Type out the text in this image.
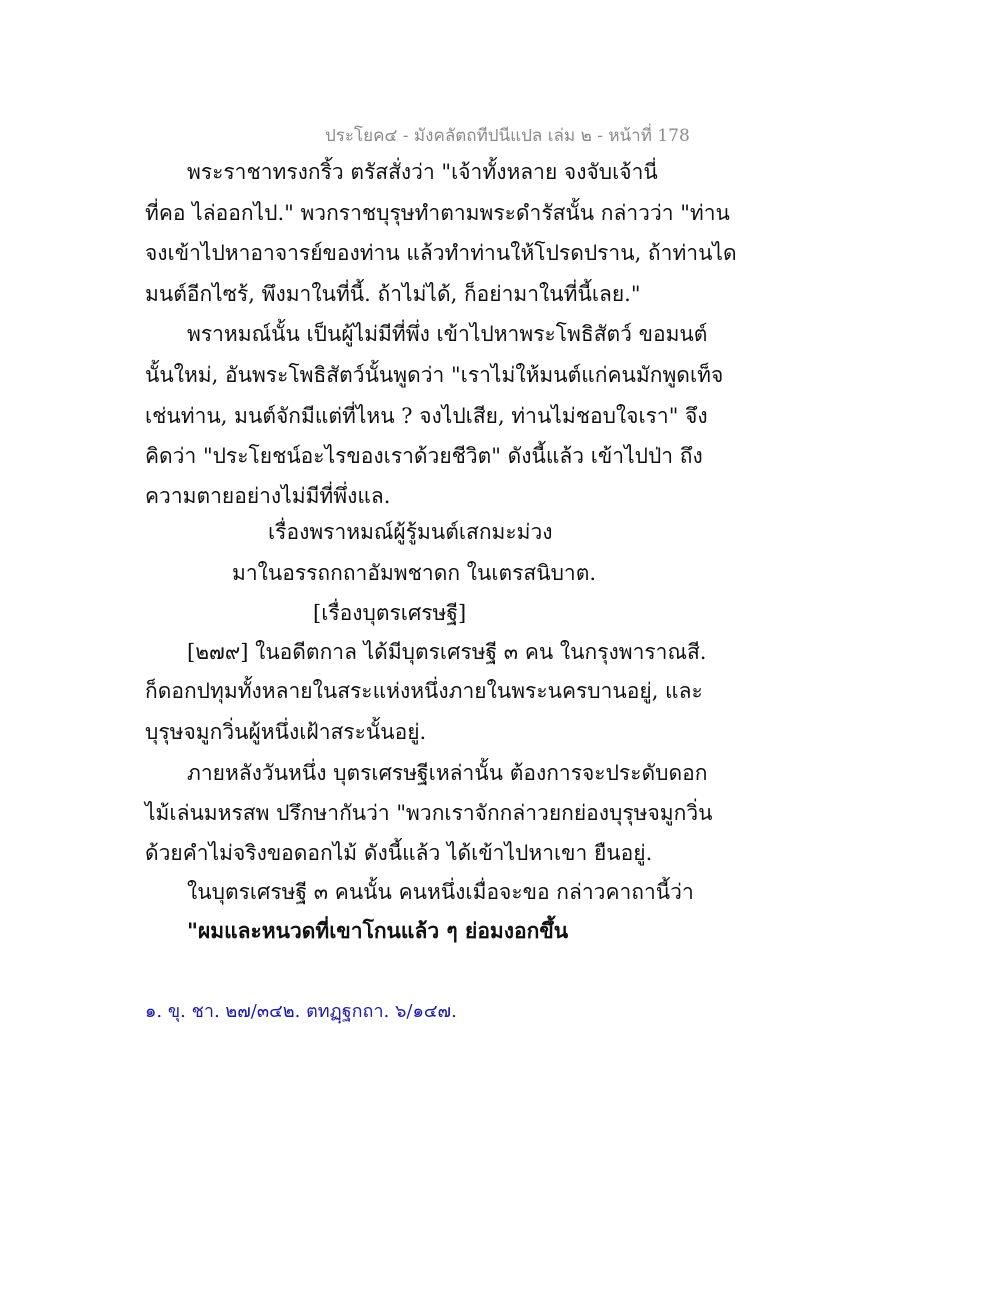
ประโยค๔ - มังคลัตถทีปนีแปล เล่ม ๒ - หน้าที่ 178
พระราชาทรงกริ้ว ตรัสสั่งว่า "เจ้าทั้งหลาย จงจับเจ้านี่
ที่คอ ไล่ออกไป." พวกราชบุรุษทำตามพระดำรัสนั้น กล่าวว่า "ท่าน
จงเข้าไปหาอาจารย์ของท่าน แล้วทำท่านให้โปรดปราน, ถ้าท่านได
มนต์อีกไซร้, พึงมาในที่นี้. ถ้าไม่ได้, ก็อย่ามาในที่นี้เลย."
พราหมณ์นั้น เป็นผู้ไม่มีที่พึ่ง เข้าไปหาพระโพธิสัตว์ ขอมนต์
นั้นใหม่, อันพระโพธิสัตว์นั้นพูดว่า "เราไม่ให้มนต์แก่คนมักพูดเท็จ
เช่นท่าน, มนต์จักมีแต่ที่ไหน ? จงไปเสีย, ท่านไม่ชอบใจเรา" จึง
คิดว่า "ประโยชน์อะไรของเราด้วยชีวิต" ดังนี้แล้ว เข้าไปป่า ถึง
ความตายอย่างไม่มีที่พึ่งแล.
เรื่องพราหมณ์ผู้รู้มนต์เสกมะม่วง
มาในอรรถกถาอัมพชาดก ในเตรสนิบาต.
[เรื่องบุตรเศรษฐี]
[๒๗๙] ในอดีตกาล ได้มีบุตรเศรษฐี ๓ คน ในกรุงพาราณสี.
ก็ดอกปทุมทั้งหลายในสระแห่งหนึ่งภายในพระนครบานอยู่, และ
บุรุษจมูกวิ่นผู้หนึ่งเฝ้าสระนั้นอยู่.
ภายหลังวันหนึ่ง บุตรเศรษฐีเหล่านั้น ต้องการจะประดับดอก
ไม้เล่นมหรสพ ปรึกษากันว่า "พวกเราจักกล่าวยกย่องบุรุษจมูกวิ่น
ด้วยคำไม่จริงขอดอกไม้ ดังนี้แล้ว ได้เข้าไปหาเขา ยืนอยู่.
ในบุตรเศรษฐี ๓ คนนั้น คนหนึ่งเมื่อจะขอ กล่าวคาถานี้ว่า
"ผมและหนวดที่เขาโกนแล้ว ๆ ย่อมงอกขึ้น
๑. ขุ. ชา. ๒๗/๓๔๒. ตทฏฺฐกถา. ๖/๑๔๗.
